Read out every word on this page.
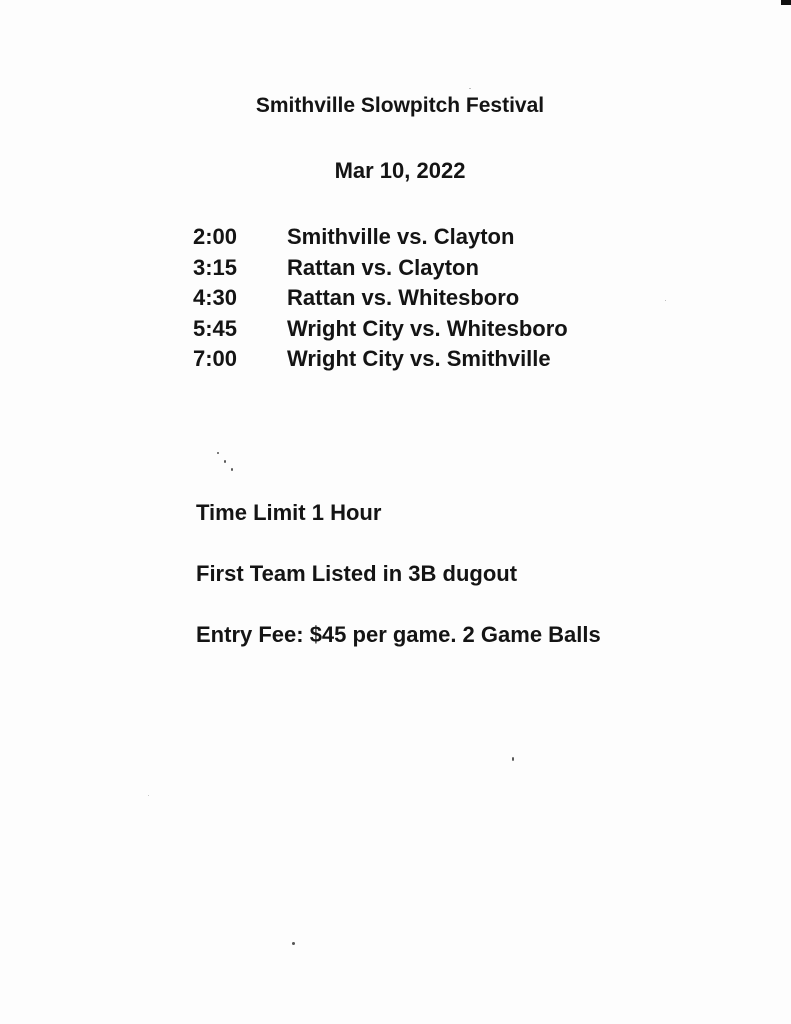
Smithville Slowpitch Festival
Mar 10, 2022
2:00 Smithville vs. Clayton
3:15 Rattan vs. Clayton
4:30 Rattan vs. Whitesboro
5:45 Wright City vs. Whitesboro
7:00 Wright City vs. Smithville
Time Limit 1 Hour
First Team Listed in 3B dugout
Entry Fee: $45 per game. 2 Game Balls
